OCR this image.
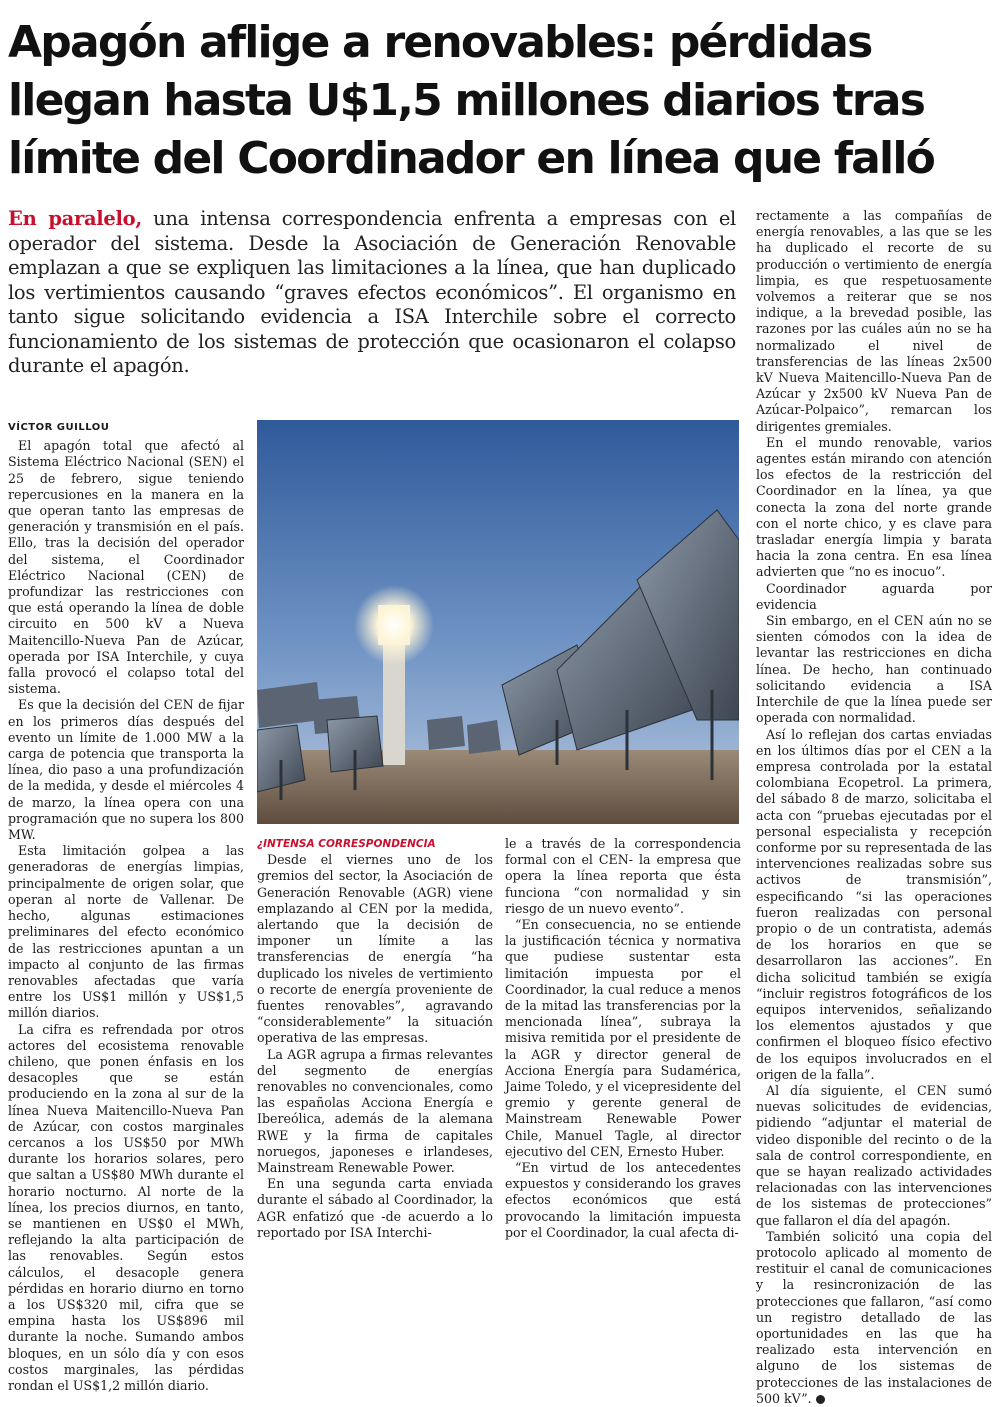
Apagón aflige a renovables: pérdidas llegan hasta U$1,5 millones diarios tras límite del Coordinador en línea que falló

En paralelo, una intensa correspondencia enfrenta a empresas con el operador del sistema. Desde la Asociación de Generación Renovable emplazan a que se expliquen las limitaciones a la línea, que han duplicado los vertimientos causando “graves efectos económicos”. El organismo en tanto sigue solicitando evidencia a ISA Interchile sobre el correcto funcionamiento de los sistemas de protección que ocasionaron el colapso durante el apagón.

VÍCTOR GUILLOU

El apagón total que afectó al Sistema Eléctrico Nacional (SEN) el 25 de febrero, sigue teniendo repercusiones en la manera en la que operan tanto las empresas de generación y transmisión en el país. Ello, tras la decisión del operador del sistema, el Coordinador Eléctrico Nacional (CEN) de profundizar las restricciones con que está operando la línea de doble circuito en 500 kV a Nueva Maitencillo-Nueva Pan de Azúcar, operada por ISA Interchile, y cuya falla provocó el colapso total del sistema.

Es que la decisión del CEN de fijar en los primeros días después del evento un límite de 1.000 MW a la carga de potencia que transporta la línea, dio paso a una profundización de la medida, y desde el miércoles 4 de marzo, la línea opera con una programación que no supera los 800 MW.

Esta limitación golpea a las generadoras de energías limpias, principalmente de origen solar, que operan al norte de Vallenar. De hecho, algunas estimaciones preliminares del efecto económico de las restricciones apuntan a un impacto al conjunto de las firmas renovables afectadas que varía entre los US$1 millón y US$1,5 millón diarios.

La cifra es refrendada por otros actores del ecosistema renovable chileno, que ponen énfasis en los desacoples que se están produciendo en la zona al sur de la línea Nueva Maitencillo-Nueva Pan de Azúcar, con costos marginales cercanos a los US$50 por MWh durante los horarios solares, pero que saltan a US$80 MWh durante el horario nocturno. Al norte de la línea, los precios diurnos, en tanto, se mantienen en US$0 el MWh, reflejando la alta participación de las renovables. Según estos cálculos, el desacople genera pérdidas en horario diurno en torno a los US$320 mil, cifra que se empina hasta los US$896 mil durante la noche. Sumando ambos bloques, en un sólo día y con esos costos marginales, las pérdidas rondan el US$1,2 millón diario.

¿INTENSA CORRESPONDENCIA

Desde el viernes uno de los gremios del sector, la Asociación de Generación Renovable (AGR) viene emplazando al CEN por la medida, alertando que la decisión de imponer un límite a las transferencias de energía “ha duplicado los niveles de vertimiento o recorte de energía proveniente de fuentes renovables”, agravando “considerablemente” la situación operativa de las empresas.

La AGR agrupa a firmas relevantes del segmento de energías renovables no convencionales, como las españolas Acciona Energía e Ibereólica, además de la alemana RWE y la firma de capitales noruegos, japoneses e irlandeses, Mainstream Renewable Power.

En una segunda carta enviada durante el sábado al Coordinador, la AGR enfatizó que -de acuerdo a lo reportado por ISA Interchi-

le a través de la correspondencia formal con el CEN- la empresa que opera la línea reporta que ésta funciona “con normalidad y sin riesgo de un nuevo evento”.

“En consecuencia, no se entiende la justificación técnica y normativa que pudiese sustentar esta limitación impuesta por el Coordinador, la cual reduce a menos de la mitad las transferencias por la mencionada línea”, subraya la misiva remitida por el presidente de la AGR y director general de Acciona Energía para Sudamérica, Jaime Toledo, y el vicepresidente del gremio y gerente general de Mainstream Renewable Power Chile, Manuel Tagle, al director ejecutivo del CEN, Ernesto Huber.

“En virtud de los antecedentes expuestos y considerando los graves efectos económicos que está provocando la limitación impuesta por el Coordinador, la cual afecta di-

rectamente a las compañías de energía renovables, a las que se les ha duplicado el recorte de su producción o vertimiento de energía limpia, es que respetuosamente volvemos a reiterar que se nos indique, a la brevedad posible, las razones por las cuáles aún no se ha normalizado el nivel de transferencias de las líneas 2x500 kV Nueva Maitencillo-Nueva Pan de Azúcar y 2x500 kV Nueva Pan de Azúcar-Polpaico”, remarcan los dirigentes gremiales.

En el mundo renovable, varios agentes están mirando con atención los efectos de la restricción del Coordinador en la línea, ya que conecta la zona del norte grande con el norte chico, y es clave para trasladar energía limpia y barata hacia la zona centra. En esa línea advierten que “no es inocuo”.

Coordinador aguarda por evidencia

Sin embargo, en el CEN aún no se sienten cómodos con la idea de levantar las restricciones en dicha línea. De hecho, han continuado solicitando evidencia a ISA Interchile de que la línea puede ser operada con normalidad.

Así lo reflejan dos cartas enviadas en los últimos días por el CEN a la empresa controlada por la estatal colombiana Ecopetrol. La primera, del sábado 8 de marzo, solicitaba el acta con “pruebas ejecutadas por el personal especialista y recepción conforme por su representada de las intervenciones realizadas sobre sus activos de transmisión”, especificando “si las operaciones fueron realizadas con personal propio o de un contratista, además de los horarios en que se desarrollaron las acciones”. En dicha solicitud también se exigía “incluir registros fotográficos de los equipos intervenidos, señalizando los elementos ajustados y que confirmen el bloqueo físico efectivo de los equipos involucrados en el origen de la falla”.

Al día siguiente, el CEN sumó nuevas solicitudes de evidencias, pidiendo “adjuntar el material de video disponible del recinto o de la sala de control correspondiente, en que se hayan realizado actividades relacionadas con las intervenciones de los sistemas de protecciones” que fallaron el día del apagón.

También solicitó una copia del protocolo aplicado al momento de restituir el canal de comunicaciones y la resincronización de las protecciones que fallaron, “así como un registro detallado de las oportunidades en las que ha realizado esta intervención en alguno de los sistemas de protecciones de las instalaciones de 500 kV”.
